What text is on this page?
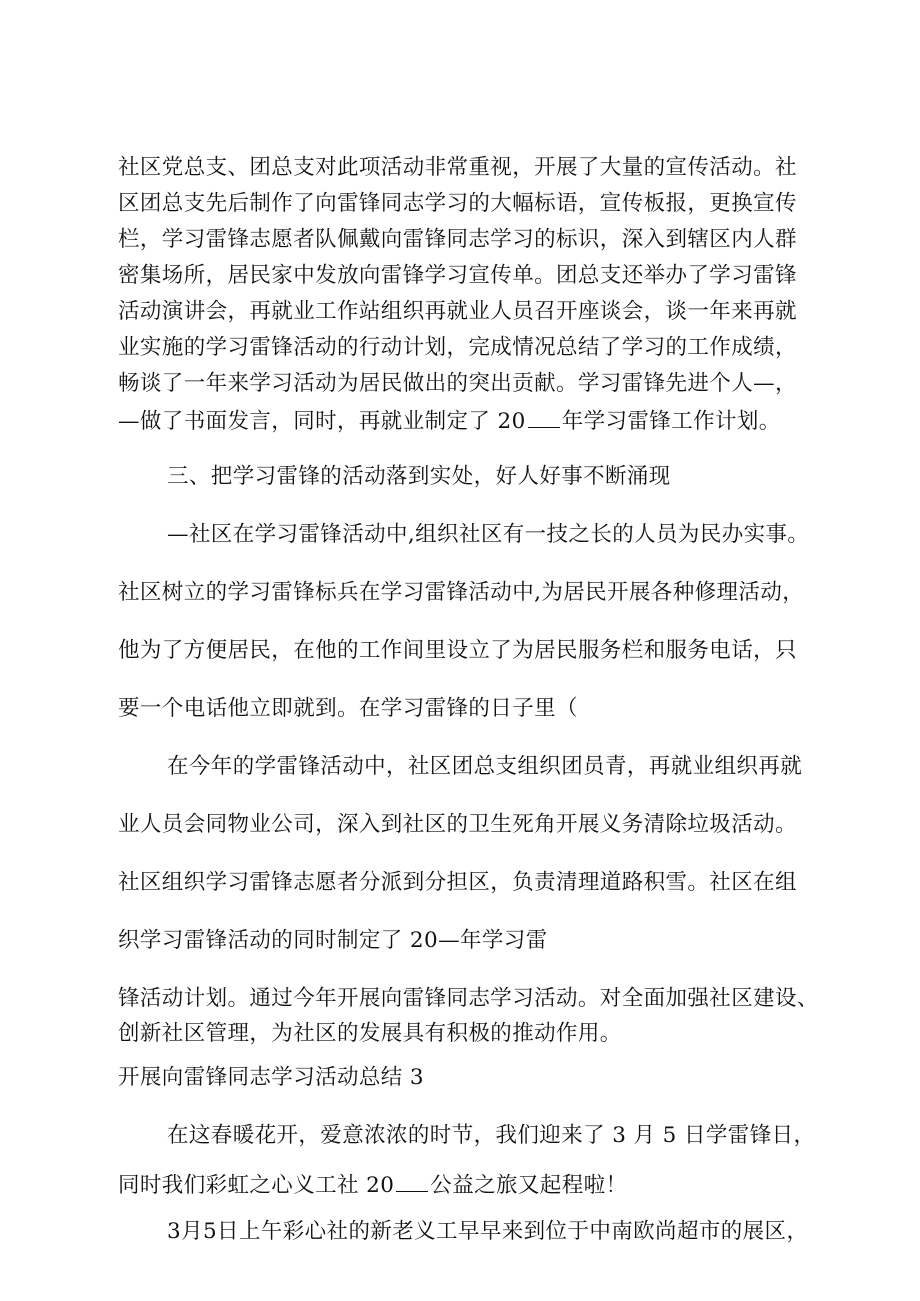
社区党总支、团总支对此项活动非常重视，开展了大量的宣传活动。社

区团总支先后制作了向雷锋同志学习的大幅标语，宣传板报，更换宣传

栏，学习雷锋志愿者队佩戴向雷锋同志学习的标识，深入到辖区内人群

密集场所，居民家中发放向雷锋学习宣传单。团总支还举办了学习雷锋

活动演讲会，再就业工作站组织再就业人员召开座谈会，谈一年来再就

业实施的学习雷锋活动的行动计划，完成情况总结了学习的工作成绩，

畅谈了一年来学习活动为居民做出的突出贡献。学习雷锋先进个人—，

—做了书面发言，同时，再就业制定了 20 年学习雷锋工作计划。

三、把学习雷锋的活动落到实处，好人好事不断涌现

—社区在学习雷锋活动中,组织社区有一技之长的人员为民办实事。

社区树立的学习雷锋标兵在学习雷锋活动中,为居民开展各种修理活动，

他为了方便居民，在他的工作间里设立了为居民服务栏和服务电话，只

要一个电话他立即就到。在学习雷锋的日子里（

在今年的学雷锋活动中，社区团总支组织团员青，再就业组织再就

业人员会同物业公司，深入到社区的卫生死角开展义务清除垃圾活动。

社区组织学习雷锋志愿者分派到分担区，负责清理道路积雪。社区在组

织学习雷锋活动的同时制定了 20—年学习雷

锋活动计划。通过今年开展向雷锋同志学习活动。对全面加强社区建设、

创新社区管理，为社区的发展具有积极的推动作用。

开展向雷锋同志学习活动总结 3

在这春暖花开，爱意浓浓的时节，我们迎来了 3 月 5 日学雷锋日，

同时我们彩虹之心义工社 20 公益之旅又起程啦！

3月5日上午彩心社的新老义工早早来到位于中南欧尚超市的展区，
